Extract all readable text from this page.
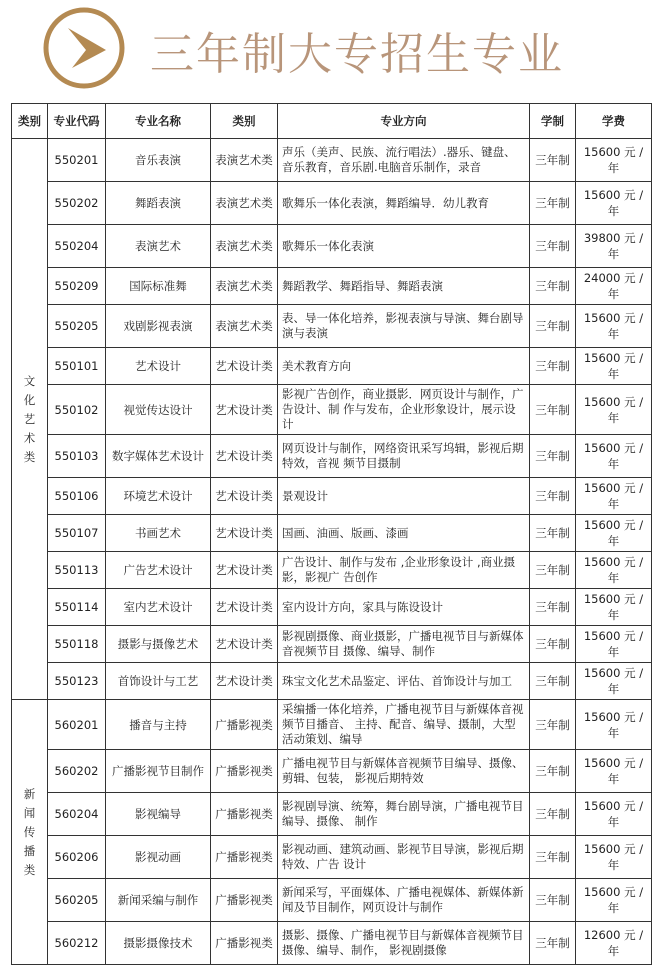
三年制大专招生专业
类别	专业代码	专业名称	类别	专业方向	学制	学费
文化艺术类	550201	音乐表演	表演艺术类	声乐（美声、民族、流行唱法）.器乐、键盘、音乐教育，音乐剧.电脑音乐制作，录音	三年制	15600 元 / 年
	550202	舞蹈表演	表演艺术类	歌舞乐一体化表演，舞蹈编导．幼儿教育	三年制	15600 元 / 年
	550204	表演艺术	表演艺术类	歌舞乐一体化表演	三年制	39800 元 / 年
	550209	国际标准舞	表演艺术类	舞蹈教学、舞蹈指导、舞蹈表演	三年制	24000 元 / 年
	550205	戏剧影视表演	表演艺术类	表、导一体化培养，影视表演与导演、舞台剧导演与表演	三年制	15600 元 / 年
	550101	艺术设计	艺术设计类	美术教育方向	三年制	15600 元 / 年
	550102	视觉传达设计	艺术设计类	影视广告创作，商业摄影．网页设计与制作，广告设计、制 作与发布，企业形象设计，展示设计	三年制	15600 元 / 年
	550103	数字媒体艺术设计	艺术设计类	网页设计与制作，网络资讯采写坞辑，影视后期特效，音视 频节目摄制	三年制	15600 元 / 年
	550106	环境艺术设计	艺术设计类	景观设计	三年制	15600 元 / 年
	550107	书画艺术	艺术设计类	国画、油画、版画、漆画	三年制	15600 元 / 年
	550113	广告艺术设计	艺术设计类	广告设计、制作与发布 ,企业形象设计 ,商业摄影，影视广 告创作	三年制	15600 元 / 年
	550114	室内艺术设计	艺术设计类	室内设计方向，家具与陈设设计	三年制	15600 元 / 年
	550118	摄影与摄像艺术	艺术设计类	影视剧摄像、商业摄影，广播电视节目与新媒体音视频节目 摄像、编导、制作	三年制	15600 元 / 年
	550123	首饰设计与工艺	艺术设计类	珠宝文化艺术品鉴定、评估、首饰设计与加工	三年制	15600 元 / 年
新闻传播类	560201	播音与主持	广播影视类	采编播一体化培养，广播电视节目与新媒体音视频节目播音、 主持、配音、编导、摄制，大型活动策划、编导	三年制	15600 元 / 年
	560202	广播影视节目制作	广播影视类	广播电视节目与新媒体音视频节目编导、摄像、剪辑、包装， 影视后期特效	三年制	15600 元 / 年
	560204	影视编导	广播影视类	影视剧导演、统筹，舞台剧导演，广播电视节目编导、摄像、 制作	三年制	15600 元 / 年
	560206	影视动画	广播影视类	影视动画、建筑动画、影视节目导演，影视后期特效、广告 设计	三年制	15600 元 / 年
	560205	新闻采编与制作	广播影视类	新闻采写，平面媒体、广播电视媒体、新媒体新闻及节目制作，网页设计与制作	三年制	15600 元 / 年
	560212	摄影摄像技术	广播影视类	摄影、摄像、广播电视节目与新媒体音视频节目摄像、编导、制作， 影视剧摄像	三年制	12600 元 / 年
